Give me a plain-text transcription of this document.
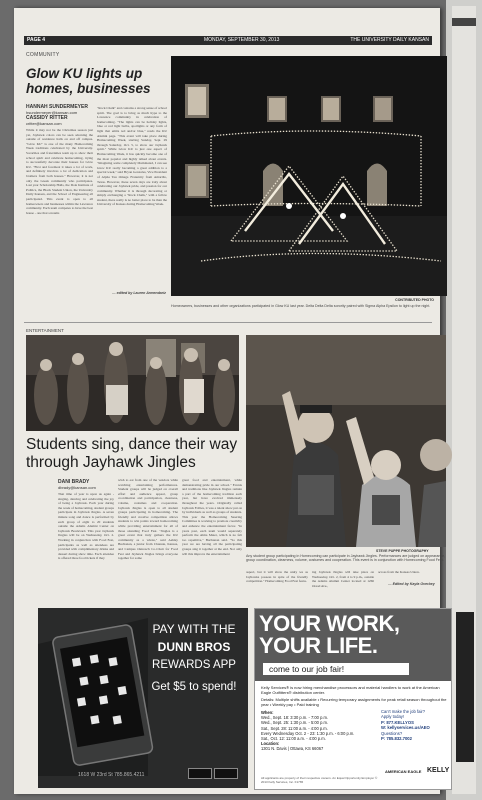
PAGE 4	MONDAY, SEPTEMBER 30, 2013	THE UNIVERSITY DAILY KANSAN
COMMUNITY
Glow KU lights up homes, businesses
HANNAH SUNDERMEYER
hsundermeyer@kansan.com
CASSIDY RITTER
critter@kansan.com
While it may not be the Christmas season just yet, Jayhawk colors can be seen adorning the outside of residence halls on and off campus. "Glow KU" is one of the many Homecoming Week traditions celebrated by the University. Sororities and fraternities team up to show their school spirit and celebrate homecoming, trying to successfully decorate their houses for Glow KU. "First and foremost it takes a lot of work, and definitely involves a lot of dedication and brothers from both houses." However, it is not only the Greek community who participates. Last year Scholarship Halls, the Dole Institute of Politics, the Black Student Union, the University Daily Kansan, and the School of Engineering all participated. This event is open to all homeowners and businesses within the Lawrence community. Each team competes to have the best house - one that screams
"Rock Chalk" and contains a strong sense of school spirit. The goal is to bring as much hype to the Lawrence community in celebration of homecoming. "The lights can be holiday lights, blue or red light bulbs, spotlights or any form of light that emits red and/or blue," reads the KU Alumni page. "This event will take place during Homecoming Week, starting Sunday, Sept. 29 through Saturday, Oct. 5, to show our Jayhawk spirit." While Glow KU is just one aspect of Homecoming Week, it has quickly become one of the most popular and highly talked about events. "Imagining some completely illuminated, I can see Glow KU really becoming a great addition to a special week," said Bryan Gonzales, Vice President of Alpha Tau Omega Fraternity from Amarillo, Texas. However, these seven days are truly about celebrating our Jayhawk pride, and passion for our community. Whether it is through decorating or simply exchanging a "Rock Chalk," with a fellow student, there really is no better place to be than the University of Kansas during Homecoming Week.
— edited by Lauren Armendariz
CONTRIBUTED PHOTO
Homeowners, businesses and other organizations participated in Glow KU last year. Delta Delta Delta sorority paired with Sigma Alpha Epsilon to light up the night.
ENTERTAINMENT
Students sing, dance their way through Jayhawk Jingles
DANI BRADY
dbrady@kansan.com
That time of year is upon us again - singing, dancing and celebrating the joy of being a Jayhawk. Each year during the week of homecoming, student groups participate in Jayhawk Jingles. A seven minute song and dance is performed by each group of eight to 20 students outside the Adams Alumni Center on Jayhawk Boulevard. This year Jayhawk Jingles will be on Wednesday, Oct. 2. Working in conjunction with Food Fest, participants as well as attendees are provided with complimentary drinks and dessert during show time. Each attendee is offered three food tickets if they
wish to eat from one of the vendors while watching entertaining performances. Student groups will be judged on overall effort and audience appeal, group coordination and participation, clearness, volume, costumes and cooperation. Jayhawk Jingles is open to all student groups participating in homecoming. The friendly and creative competition allows students to win points toward homecoming while providing entertainment for all of those attending Food Fest. "Jingles is a great event that truly gathers the KU community as a whole," said Ashley Buchanan, a junior from Chanute, Kansas, and Campus Outreach Co-Chair for Food Fest and Jayhawk Jingles brings everyone together for some
great food and entertainment, while demonstrating pride in our school." Events and traditions like Jayhawk Jingles remain a part of the homecoming tradition each year, but have evolved immensely throughout the years. Originally called Jayhawk Follies, it was a talent show put on by individuals as well as groups of students. This year the Homecoming Steering Committee is working to promote creativity and enhance the entertainment factor. "In years past, each team would separately perform the Alma Mater, which is no felt too repetitive," Buchanan said. "So this year we are having all the participating groups sing it together at the end. Not only will this improve the entertainment
STEVE PUPPE PHOTOGRAPHY
Any student group participating in Homecoming can participate in Jayhawk Jingles. Performances are judged on appearance, group coordination, clearness, volume, costumes and cooperation. This event is in conjunction with Homecoming Food Fest.
aspect, but it will show the unity we as Jayhawks possess in spite of the friendly competition." Homecoming Food Fest featu-
ing Jayhawk Jingles will take place on Wednesday, Oct. 2, from 4 to 9 p.m., outside the Adams Alumni Center located at 1266 Oread Ave.,
across from the Kansas Union.
— Edited by Kayla Overbey
PAY WITH THE
DUNN BROS
REWARDS APP
Get $5 to spend!
1618 W 23rd St 785.865.4211
YOUR WORK,
YOUR LIFE.
come to our job fair!
Kelly Services® is now hiring merchandise processors and material handlers to work at the American Eagle Outfitters® distribution center.
Details: Multiple shifts available • Recurring temporary assignments for peak retail season throughout the year • Weekly pay • Paid training
When:
Wed., Sept. 18: 3:30 p.m. - 7:00 p.m.
Wed., Sept. 25: 1:30 p.m. - 5:00 p.m.
Sat., Sept. 28: 11:00 a.m. - 4:00 p.m.
Every Wednesday Oct. 2 - 23: 1:30 p.m. - 6:00 p.m.
Sat., Oct. 12: 11:00 a.m. - 4:00 p.m.
Location:
1301 N. Davis | Ottawa, KS 66067
Can't make the job fair?
Apply today!
P: 877.KELLYOS
W: kellyservices.us/AEO
Questions?
P: 785.832.7002
All applicants are property of their respective owners. An Equal Opportunity Employer © 2013 Kelly Services, Inc. F1765
AMERICAN EAGLE KELLY
